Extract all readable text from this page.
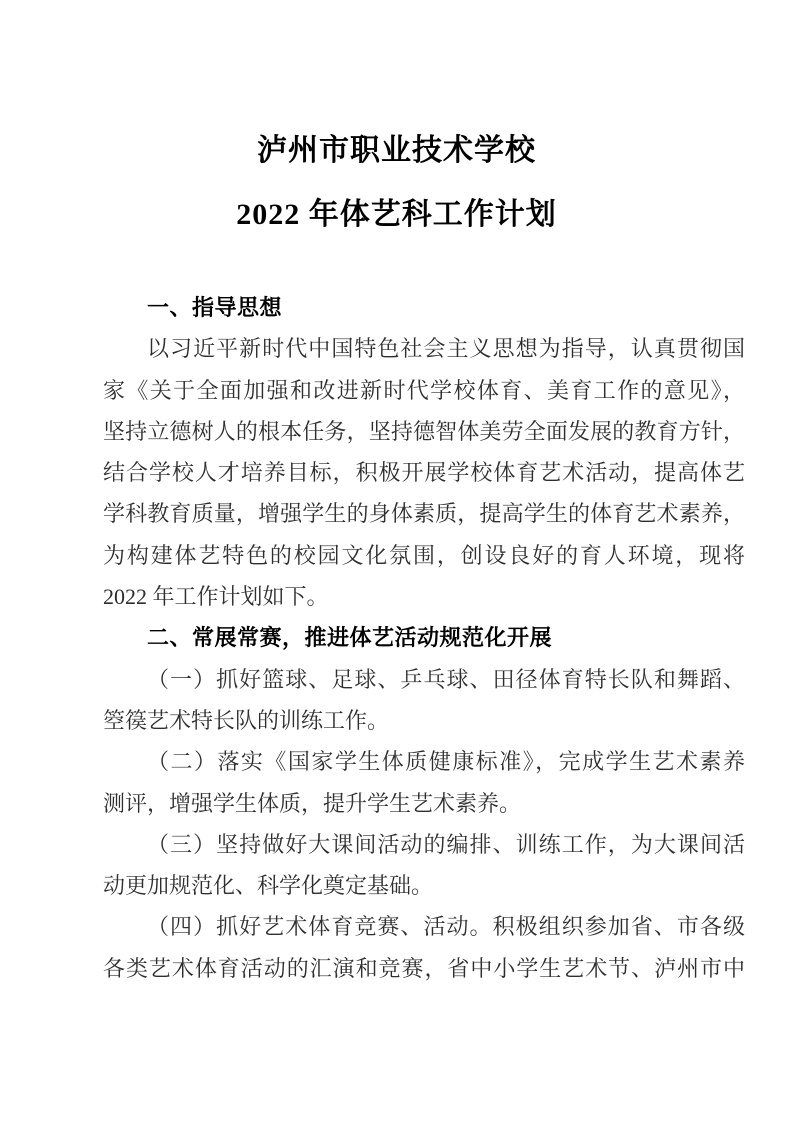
泸州市职业技术学校
2022 年体艺科工作计划
一、指导思想
以习近平新时代中国特色社会主义思想为指导，认真贯彻国
家《关于全面加强和改进新时代学校体育、美育工作的意见》，
坚持立德树人的根本任务，坚持德智体美劳全面发展的教育方针，
结合学校人才培养目标，积极开展学校体育艺术活动，提高体艺
学科教育质量，增强学生的身体素质，提高学生的体育艺术素养，
为构建体艺特色的校园文化氛围，创设良好的育人环境，现将
2022 年工作计划如下。
二、常展常赛，推进体艺活动规范化开展
（一）抓好篮球、足球、乒乓球、田径体育特长队和舞蹈、
箜篌艺术特长队的训练工作。
（二）落实《国家学生体质健康标准》，完成学生艺术素养
测评，增强学生体质，提升学生艺术素养。
（三）坚持做好大课间活动的编排、训练工作，为大课间活
动更加规范化、科学化奠定基础。
（四）抓好艺术体育竞赛、活动。积极组织参加省、市各级
各类艺术体育活动的汇演和竞赛，省中小学生艺术节、泸州市中
